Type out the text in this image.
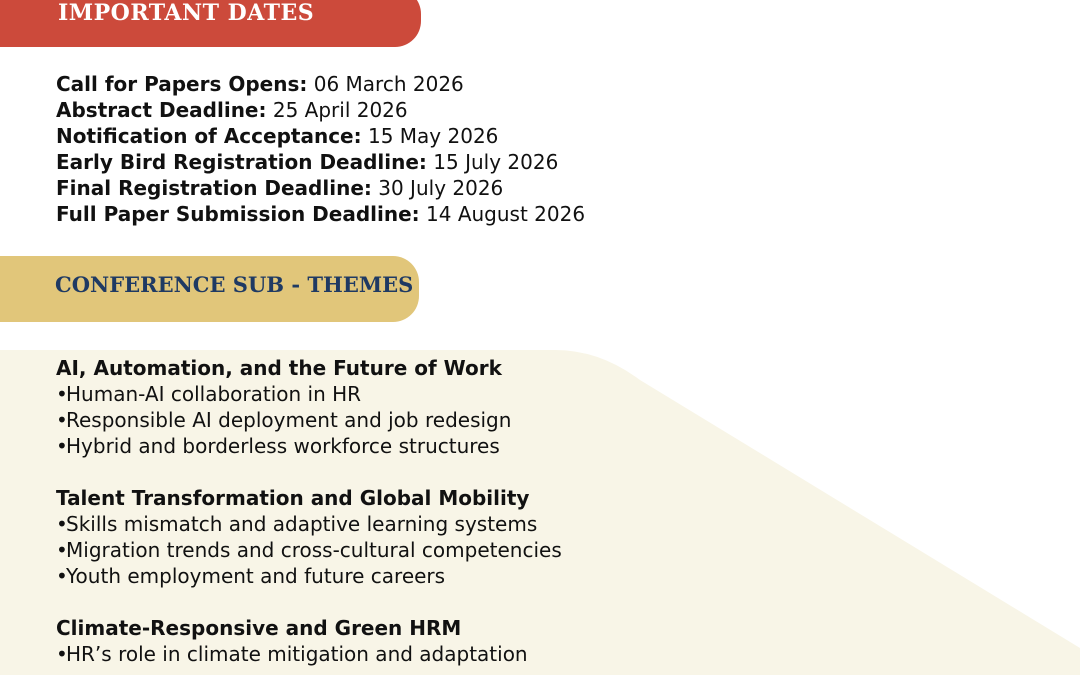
IMPORTANT DATES
Call for Papers Opens: 06 March 2026
Abstract Deadline: 25 April 2026
Notification of Acceptance: 15 May 2026
Early Bird Registration Deadline: 15 July 2026
Final Registration Deadline: 30 July 2026
Full Paper Submission Deadline: 14 August 2026
CONFERENCE SUB - THEMES
AI, Automation, and the Future of Work
•Human-AI collaboration in HR
•Responsible AI deployment and job redesign
•Hybrid and borderless workforce structures
Talent Transformation and Global Mobility
•Skills mismatch and adaptive learning systems
•Migration trends and cross-cultural competencies
•Youth employment and future careers
Climate-Responsive and Green HRM
•HR’s role in climate mitigation and adaptation
